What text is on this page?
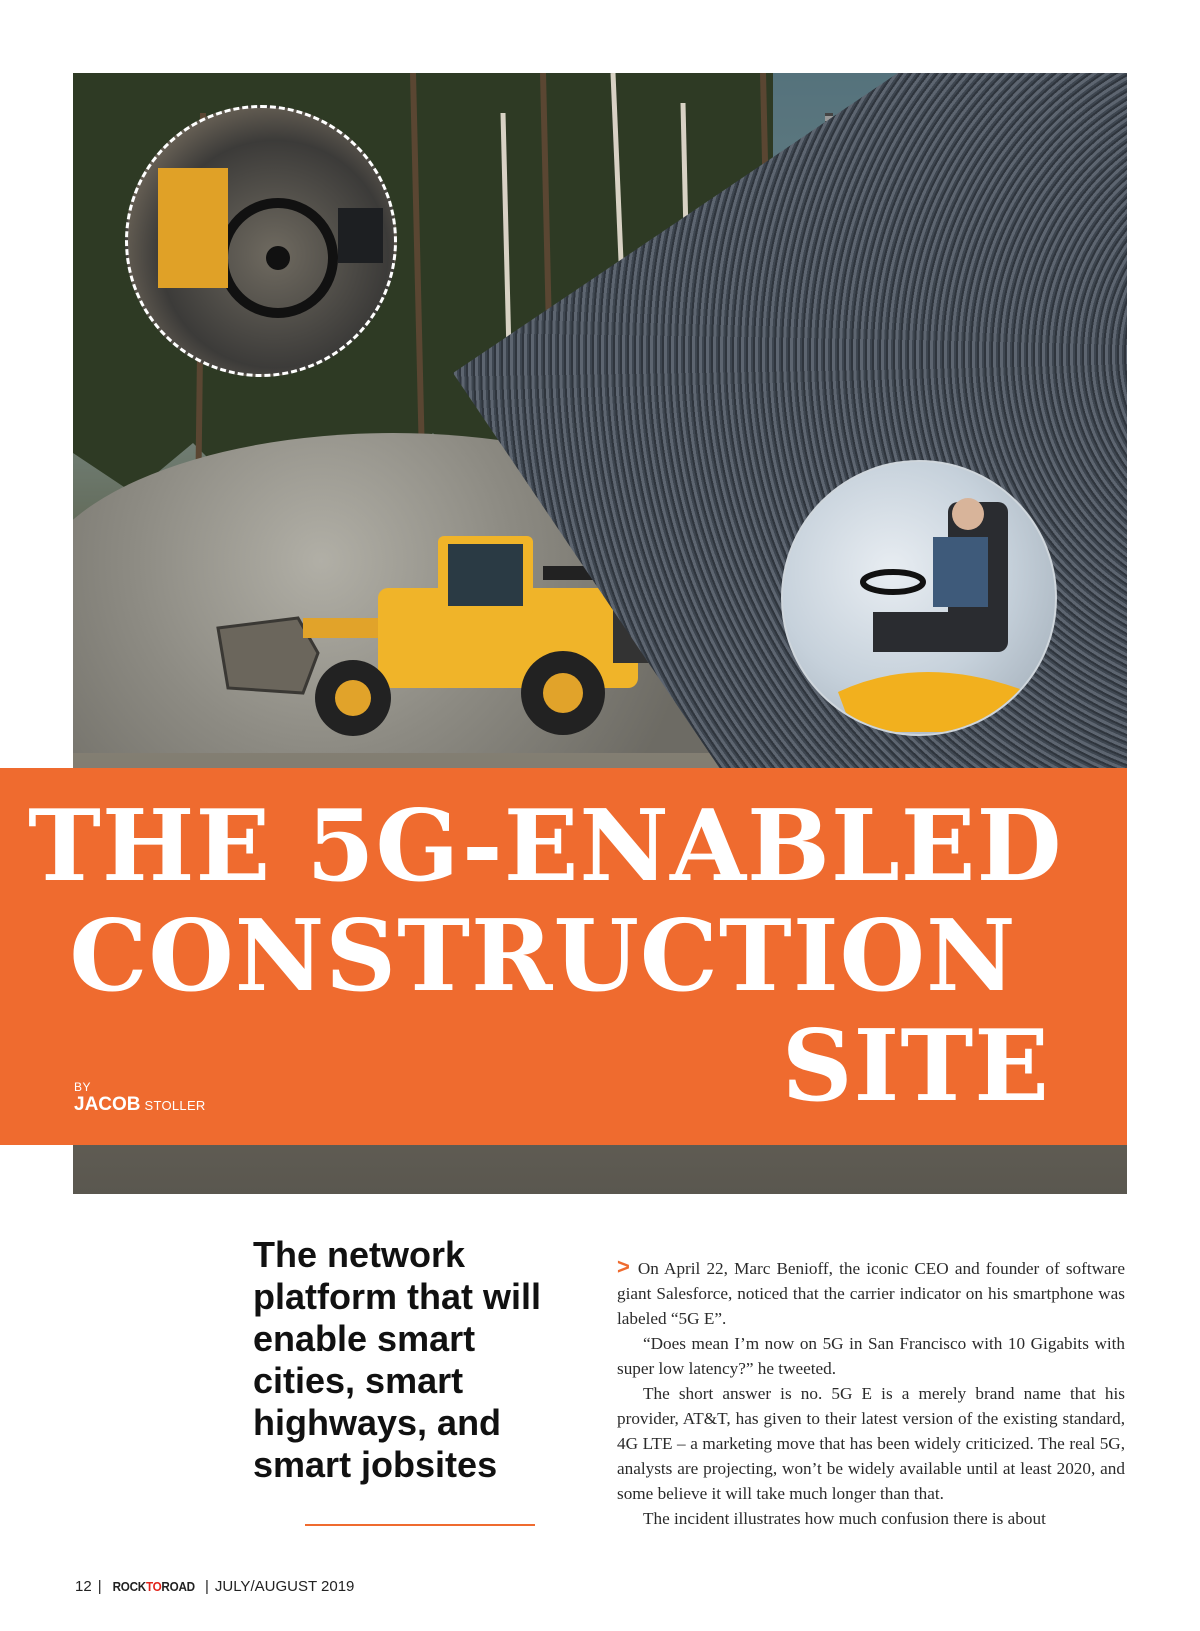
THE 5G-ENABLED
CONSTRUCTION
SITE
BY
JACOB STOLLER
The network platform that will enable smart cities, smart highways, and smart jobsites

> On April 22, Marc Benioff, the iconic CEO and founder of software giant Salesforce, noticed that the carrier indicator on his smartphone was labeled “5G E”.

“Does mean I’m now on 5G in San Francisco with 10 Gigabits with super low latency?” he tweeted.

The short answer is no. 5G E is a merely brand name that his provider, AT&T, has given to their latest version of the existing standard, 4G LTE – a marketing move that has been widely criticized. The real 5G, analysts are projecting, won’t be widely available until at least 2020, and some believe it will take much longer than that.

The incident illustrates how much confusion there is about

12 | ROCKTOROAD | JULY/AUGUST 2019
